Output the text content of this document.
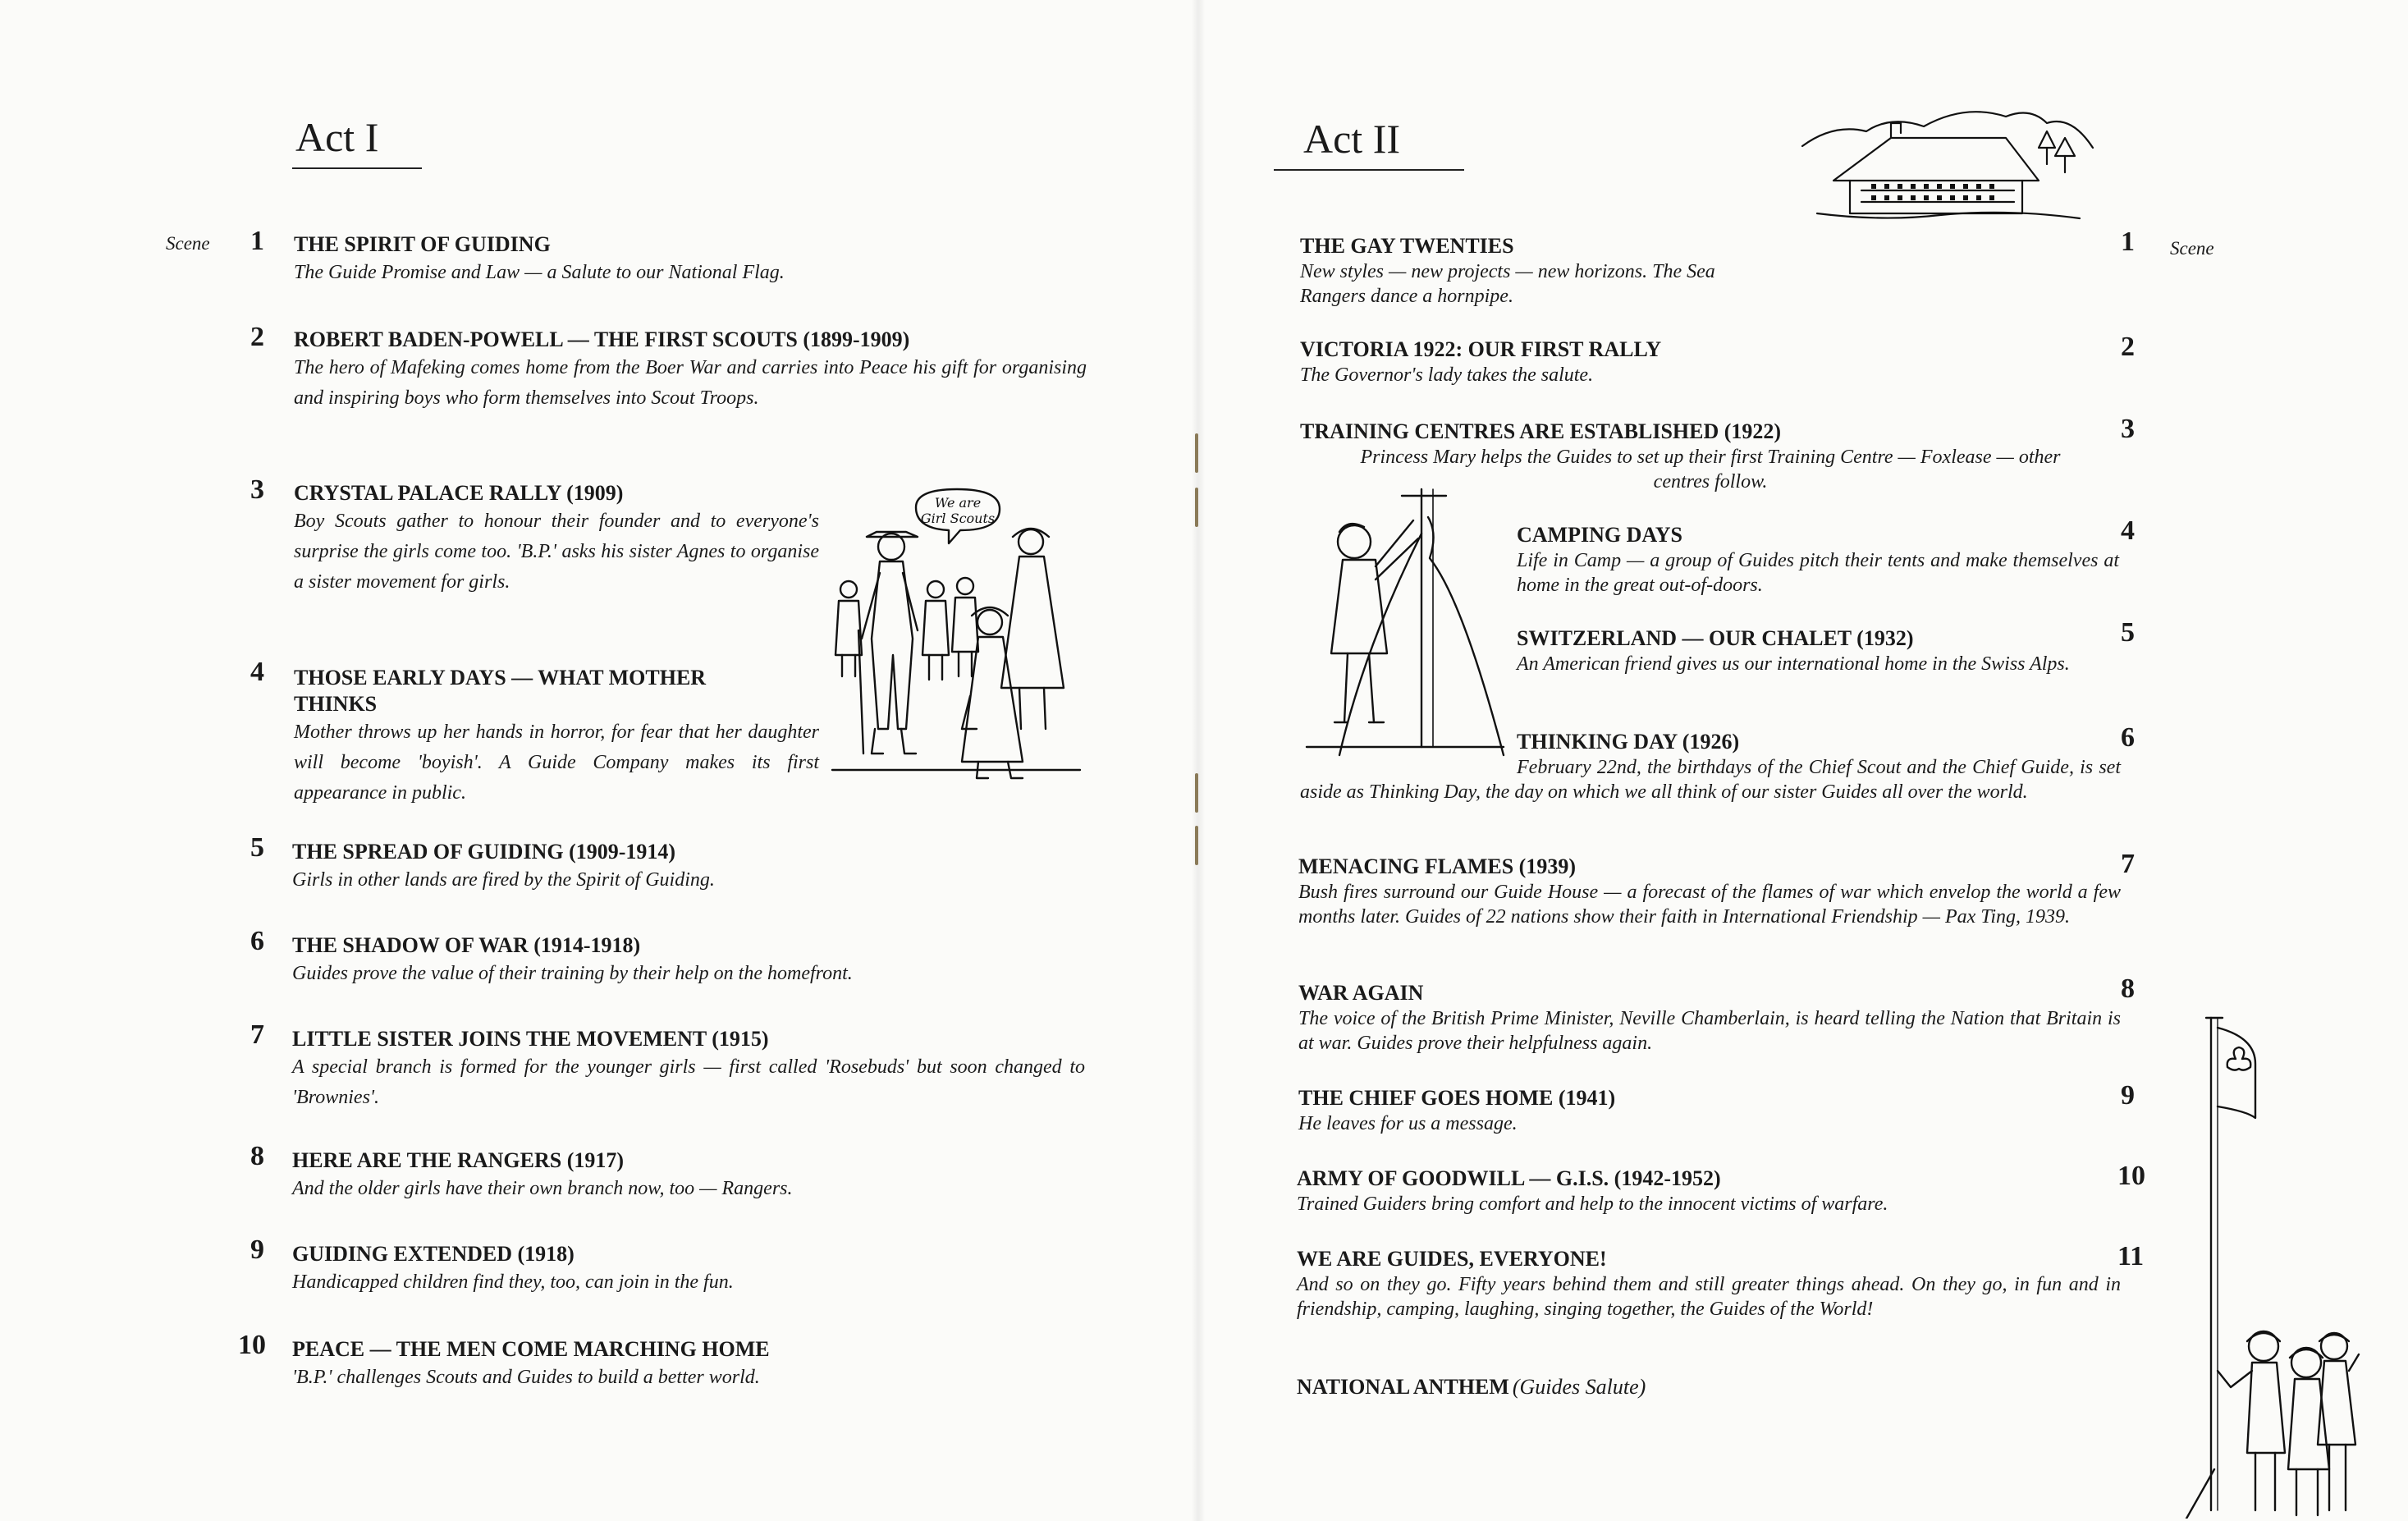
Act I
Scene 1 THE SPIRIT OF GUIDING
The Guide Promise and Law — a Salute to our National Flag.
2 ROBERT BADEN-POWELL — THE FIRST SCOUTS (1899-1909)
The hero of Mafeking comes home from the Boer War and carries into Peace his gift for organising and inspiring boys who form themselves into Scout Troops.
3 CRYSTAL PALACE RALLY (1909)
Boy Scouts gather to honour their founder and to everyone's surprise the girls come too. 'B.P.' asks his sister Agnes to organise a sister movement for girls.
4 THOSE EARLY DAYS — WHAT MOTHER THINKS
Mother throws up her hands in horror, for fear that her daughter will become 'boyish'. A Guide Company makes its first appearance in public.
We are
Girl Scouts
5 THE SPREAD OF GUIDING (1909-1914)
Girls in other lands are fired by the Spirit of Guiding.
6 THE SHADOW OF WAR (1914-1918)
Guides prove the value of their training by their help on the homefront.
7 LITTLE SISTER JOINS THE MOVEMENT (1915)
A special branch is formed for the younger girls — first called 'Rosebuds' but soon changed to 'Brownies'.
8 HERE ARE THE RANGERS (1917)
And the older girls have their own branch now, too — Rangers.
9 GUIDING EXTENDED (1918)
Handicapped children find they, too, can join in the fun.
10 PEACE — THE MEN COME MARCHING HOME
'B.P.' challenges Scouts and Guides to build a better world.
Act II
Scene
THE GAY TWENTIES
New styles — new projects — new horizons. The Sea Rangers dance a hornpipe.
1
VICTORIA 1922: OUR FIRST RALLY
The Governor's lady takes the salute.
2
TRAINING CENTRES ARE ESTABLISHED (1922)
Princess Mary helps the Guides to set up their first Training Centre — Foxlease — other centres follow.
3
CAMPING DAYS
Life in Camp — a group of Guides pitch their tents and make themselves at home in the great out-of-doors.
4
SWITZERLAND — OUR CHALET (1932)
An American friend gives us our international home in the Swiss Alps.
5
THINKING DAY (1926)
February 22nd, the birthdays of the Chief Scout and the Chief Guide, is set aside as Thinking Day, the day on which we all think of our sister Guides all over the world.
6
MENACING FLAMES (1939)
Bush fires surround our Guide House — a forecast of the flames of war which envelop the world a few months later. Guides of 22 nations show their faith in International Friendship — Pax Ting, 1939.
7
WAR AGAIN
The voice of the British Prime Minister, Neville Chamberlain, is heard telling the Nation that Britain is at war. Guides prove their helpfulness again.
8
THE CHIEF GOES HOME (1941)
He leaves for us a message.
9
ARMY OF GOODWILL — G.I.S. (1942-1952)
Trained Guiders bring comfort and help to the innocent victims of warfare.
10
WE ARE GUIDES, EVERYONE!
And so on they go. Fifty years behind them and still greater things ahead. On they go, in fun and in friendship, camping, laughing, singing together, the Guides of the World!
11
NATIONAL ANTHEM (Guides Salute)
